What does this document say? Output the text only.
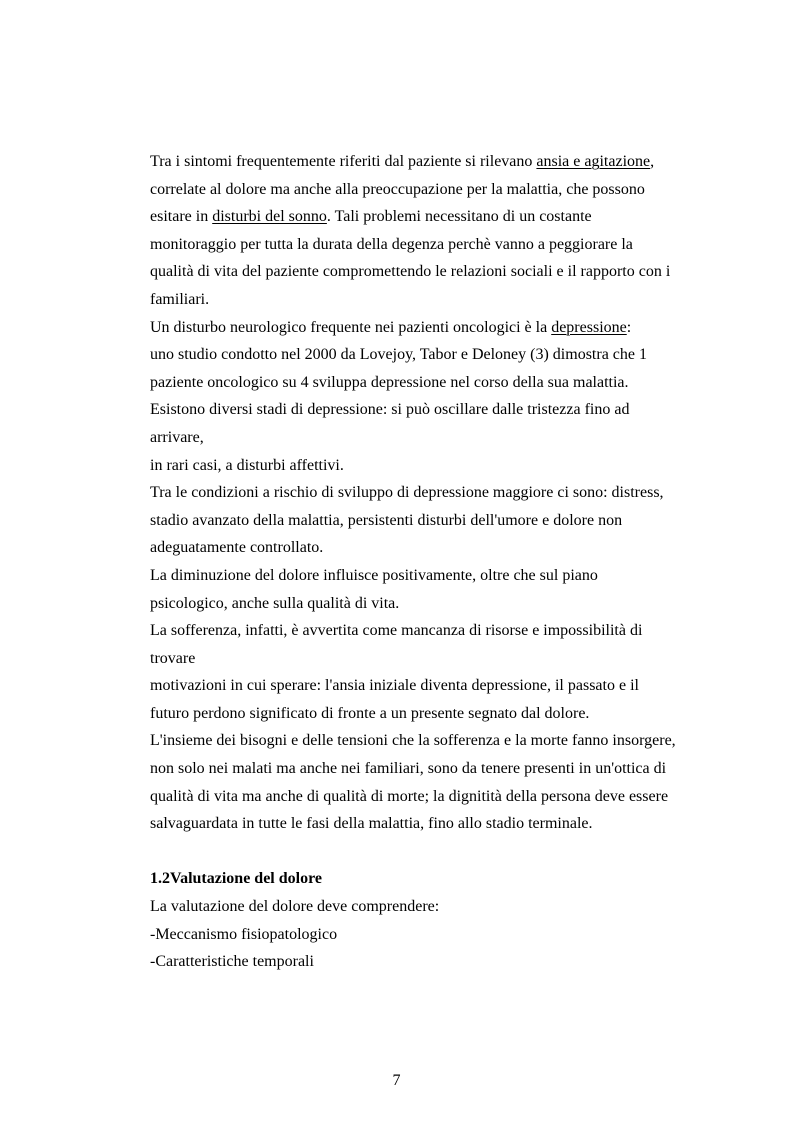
Tra i sintomi frequentemente riferiti dal paziente si rilevano ansia e agitazione,
correlate al dolore ma anche alla preoccupazione per la malattia, che possono
esitare in disturbi del sonno. Tali problemi necessitano di un costante
monitoraggio per tutta la durata della degenza perchè vanno a peggiorare la
qualità di vita del paziente compromettendo le relazioni sociali e il rapporto con i
familiari.
Un disturbo neurologico frequente nei pazienti oncologici è la depressione:
uno studio condotto nel 2000 da Lovejoy, Tabor e Deloney (3) dimostra che 1
paziente oncologico su 4 sviluppa depressione nel corso della sua malattia.
Esistono diversi stadi di depressione: si può oscillare dalle tristezza fino ad
arrivare,
in rari casi, a disturbi affettivi.
Tra le condizioni a rischio di sviluppo di depressione maggiore ci sono: distress,
stadio avanzato della malattia, persistenti disturbi dell'umore e dolore non
adeguatamente controllato.
La diminuzione del dolore influisce positivamente, oltre che sul piano
psicologico, anche sulla qualità di vita.
La sofferenza, infatti, è avvertita come mancanza di risorse e impossibilità di
trovare
motivazioni in cui sperare: l'ansia iniziale diventa depressione, il passato e il
futuro perdono significato di fronte a un presente segnato dal dolore.
L'insieme dei bisogni e delle tensioni che la sofferenza e la morte fanno insorgere,
non solo nei malati ma anche nei familiari, sono da tenere presenti in un'ottica di
qualità di vita ma anche di qualità di morte; la dignitità della persona deve essere
salvaguardata in tutte le fasi della malattia, fino allo stadio terminale.
1.2Valutazione del dolore
La valutazione del dolore deve comprendere:
-Meccanismo fisiopatologico
-Caratteristiche temporali
7
